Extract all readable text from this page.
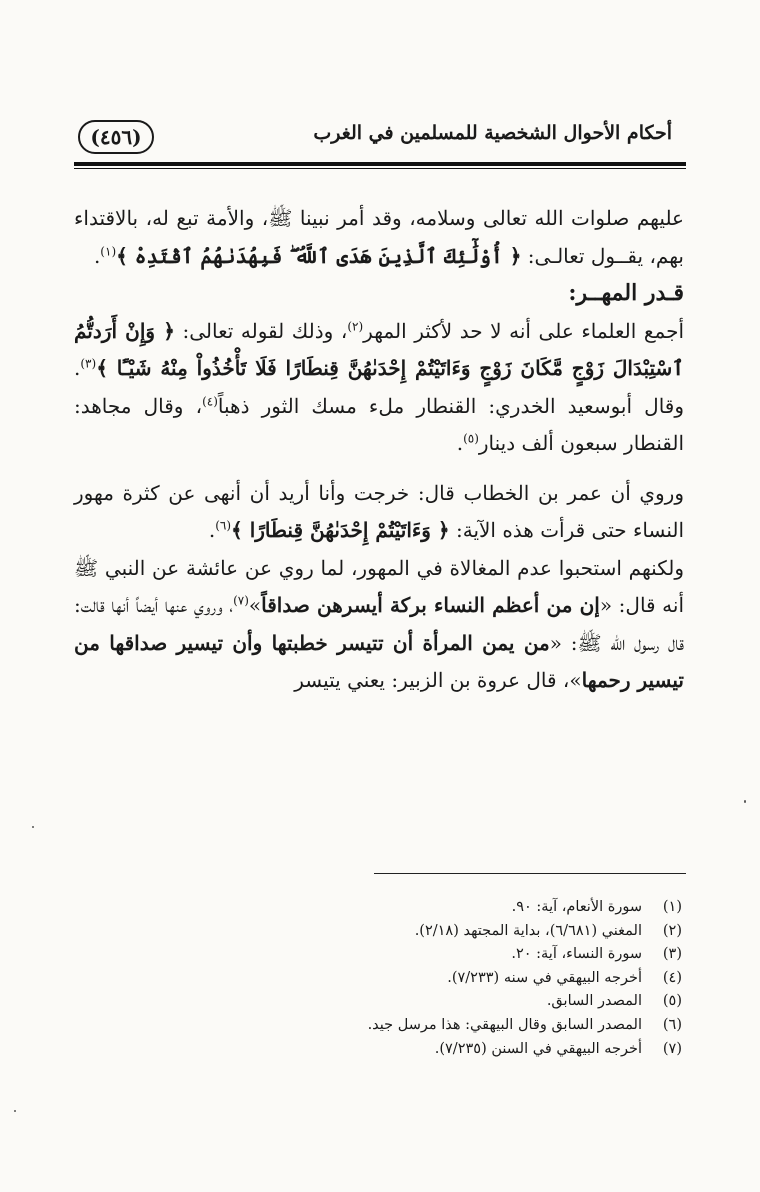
(٤٥٦)	أحكام الأحوال الشخصية للمسلمين في الغرب

عليهم صلوات الله تعالى وسلامه، وقد أمر نبينا ﷺ، والأمة تبع له، بالاقتداء بهم، يقــول تعالـى: ﴿ أُوْلَٰٓئِكَ ٱلَّذِينَ هَدَى ٱللَّهُ ۖ فَبِهُدَىٰهُمُ ٱقْتَدِهْ ﴾$^{(١)}$.

قـدر المهــر:

أجمع العلماء على أنه لا حد لأكثر المهر$^{(٢)}$، وذلك لقوله تعالى: ﴿ وَإِنْ أَرَدتُّمُ ٱسْتِبْدَالَ زَوْجٍ مَّكَانَ زَوْجٍ وَءَاتَيْتُمْ إِحْدَىٰهُنَّ قِنطَارًا فَلَا تَأْخُذُواْ مِنْهُ شَيْـًٔا ﴾$^{(٣)}$. وقال أبوسعيد الخدري: القنطار ملء مسك الثور ذهباً$^{(٤)}$، وقال مجاهد: القنطار سبعون ألف دينار$^{(٥)}$.

وروي أن عمر بن الخطاب قال: خرجت وأنا أريد أن أنهى عن كثرة مهور النساء حتى قرأت هذه الآية: ﴿ وَءَاتَيْتُمْ إِحْدَىٰهُنَّ قِنطَارًا ﴾$^{(٦)}$.

ولكنهم استحبوا عدم المغالاة في المهور، لما روي عن عائشة عن النبي ﷺ أنه قال: «إن من أعظم النساء بركة أيسرهن صداقاً»$^{(٧)}$، وروي عنها أيضاً أنها قالت: قال رسول الله ﷺ: «من يمن المرأة أن تتيسر خطبتها وأن تيسير صداقها من تيسير رحمها»، قال عروة بن الزبير: يعني يتيسر

(١)
سورة الأنعام، آية: ٩٠.
(٢)
المغني (٦/٦٨١)، بداية المجتهد (٢/١٨).
(٣)
سورة النساء، آية: ٢٠.
(٤)
أخرجه البيهقي في سنه (٧/٢٣٣).
(٥)
المصدر السابق.
(٦)
المصدر السابق وقال البيهقي: هذا مرسل جيد.
(٧)
أخرجه البيهقي في السنن (٧/٢٣٥).
